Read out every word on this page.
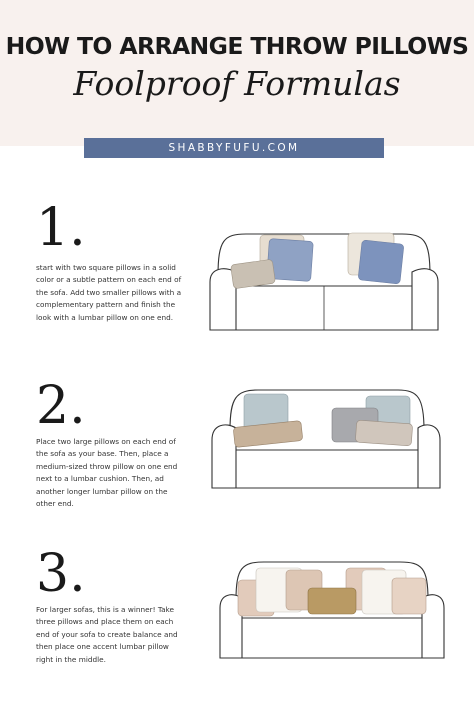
HOW TO ARRANGE THROW PILLOWS
Foolproof Formulas
SHABBYFUFU.COM
1.
start with two square pillows in a solid color or a subtle pattern on each end of the sofa. Add two smaller pillows with a complementary pattern and finish the look with a lumbar pillow on one end.
2.
Place two large pillows on each end of the sofa as your base. Then, place a medium-sized throw pillow on one end next to a lumbar cushion. Then, ad another longer lumbar pillow on the other end.
3.
For larger sofas, this is a winner! Take three pillows and place them on each end of your sofa to create balance and then place one accent lumbar pillow right in the middle.
